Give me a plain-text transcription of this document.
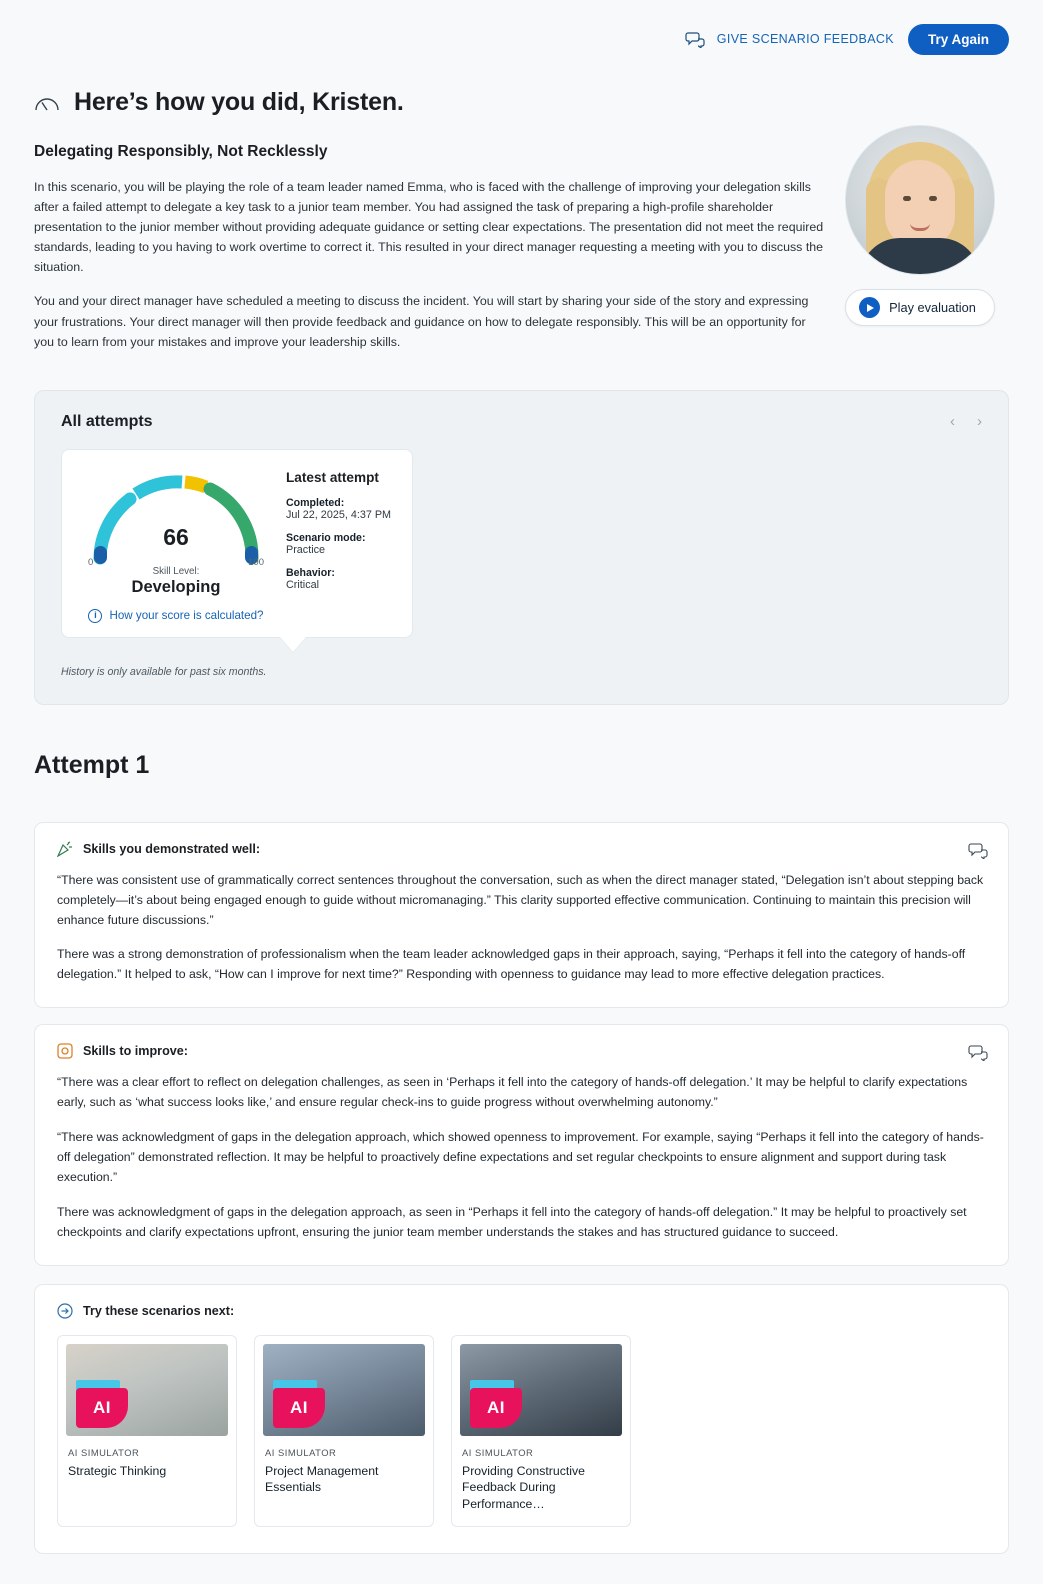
GIVE SCENARIO FEEDBACK	Try Again
Here’s how you did, Kristen.
Delegating Responsibly, Not Recklessly

In this scenario, you will be playing the role of a team leader named Emma, who is faced with the challenge of improving your delegation skills after a failed attempt to delegate a key task to a junior team member. You had assigned the task of preparing a high-profile shareholder presentation to the junior member without providing adequate guidance or setting clear expectations. The presentation did not meet the required standards, leading to you having to work overtime to correct it. This resulted in your direct manager requesting a meeting with you to discuss the situation.

You and your direct manager have scheduled a meeting to discuss the incident. You will start by sharing your side of the story and expressing your frustrations. Your direct manager will then provide feedback and guidance on how to delegate responsibly. This will be an opportunity for you to learn from your mistakes and improve your leadership skills.

Play evaluation
All attempts	‹ ›
66
0	100
Skill Level:
Developing
i	How your score is calculated?
Latest attempt
Completed:
Jul 22, 2025, 4:37 PM
Scenario mode:
Practice
Behavior:
Critical
History is only available for past six months.
Attempt 1
Skills you demonstrated well:

“There was consistent use of grammatically correct sentences throughout the conversation, such as when the direct manager stated, “Delegation isn’t about stepping back completely—it’s about being engaged enough to guide without micromanaging.” This clarity supported effective communication. Continuing to maintain this precision will enhance future discussions.”

There was a strong demonstration of professionalism when the team leader acknowledged gaps in their approach, saying, “Perhaps it fell into the category of hands-off delegation.” It helped to ask, “How can I improve for next time?” Responding with openness to guidance may lead to more effective delegation practices.

Skills to improve:

“There was a clear effort to reflect on delegation challenges, as seen in ‘Perhaps it fell into the category of hands-off delegation.’ It may be helpful to clarify expectations early, such as ‘what success looks like,’ and ensure regular check-ins to guide progress without overwhelming autonomy.”

“There was acknowledgment of gaps in the delegation approach, which showed openness to improvement. For example, saying “Perhaps it fell into the category of hands-off delegation” demonstrated reflection. It may be helpful to proactively define expectations and set regular checkpoints to ensure alignment and support during task execution.”

There was acknowledgment of gaps in the delegation approach, as seen in “Perhaps it fell into the category of hands-off delegation.” It may be helpful to proactively set checkpoints and clarify expectations upfront, ensuring the junior team member understands the stakes and has structured guidance to succeed.

Try these scenarios next:
AI
AI SIMULATOR
Strategic Thinking
AI
AI SIMULATOR
Project Management Essentials
AI
AI SIMULATOR
Providing Constructive Feedback During Performance…
